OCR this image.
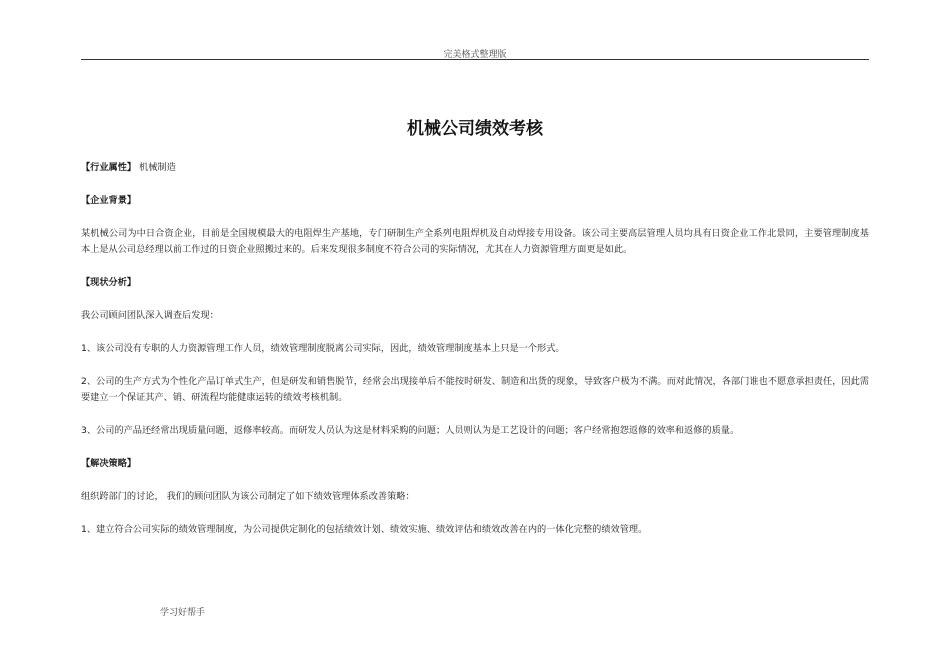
完美格式整理版
机械公司绩效考核

【行业属性】 机械制造

【企业背景】

某机械公司为中日合资企业，目前是全国规模最大的电阻焊生产基地，专门研制生产全系列电阻焊机及自动焊接专用设备。该公司主要高层管理人员均具有日资企业工作北景同，主要管理制度基本上是从公司总经理以前工作过的日资企业照搬过来的。后来发现很多制度不符合公司的实际情况，尤其在人力资源管理方面更是如此。

【现状分析】

我公司顾问团队深入调查后发现：

1、该公司没有专职的人力资源管理工作人员，绩效管理制度脱离公司实际，因此，绩效管理制度基本上只是一个形式。

2、公司的生产方式为个性化产品订单式生产，但是研发和销售脱节，经常会出现接单后不能按时研发、制造和出货的现象，导致客户极为不满。而对此情况，各部门谁也不愿意承担责任，因此需要建立一个保证其产、销、研流程均能健康运转的绩效考核机制。

3、公司的产品还经常出现质量问题，返修率较高。而研发人员认为这是材料采购的问题；人员则认为是工艺设计的问题；客户经常抱怨返修的效率和返修的质量。

【解决策略】

组织跨部门的讨论， 我们的顾问团队为该公司制定了如下绩效管理体系改善策略：

1、建立符合公司实际的绩效管理制度，为公司提供定制化的包括绩效计划、绩效实施、绩效评估和绩效改善在内的一体化完整的绩效管理。

学习好帮手
